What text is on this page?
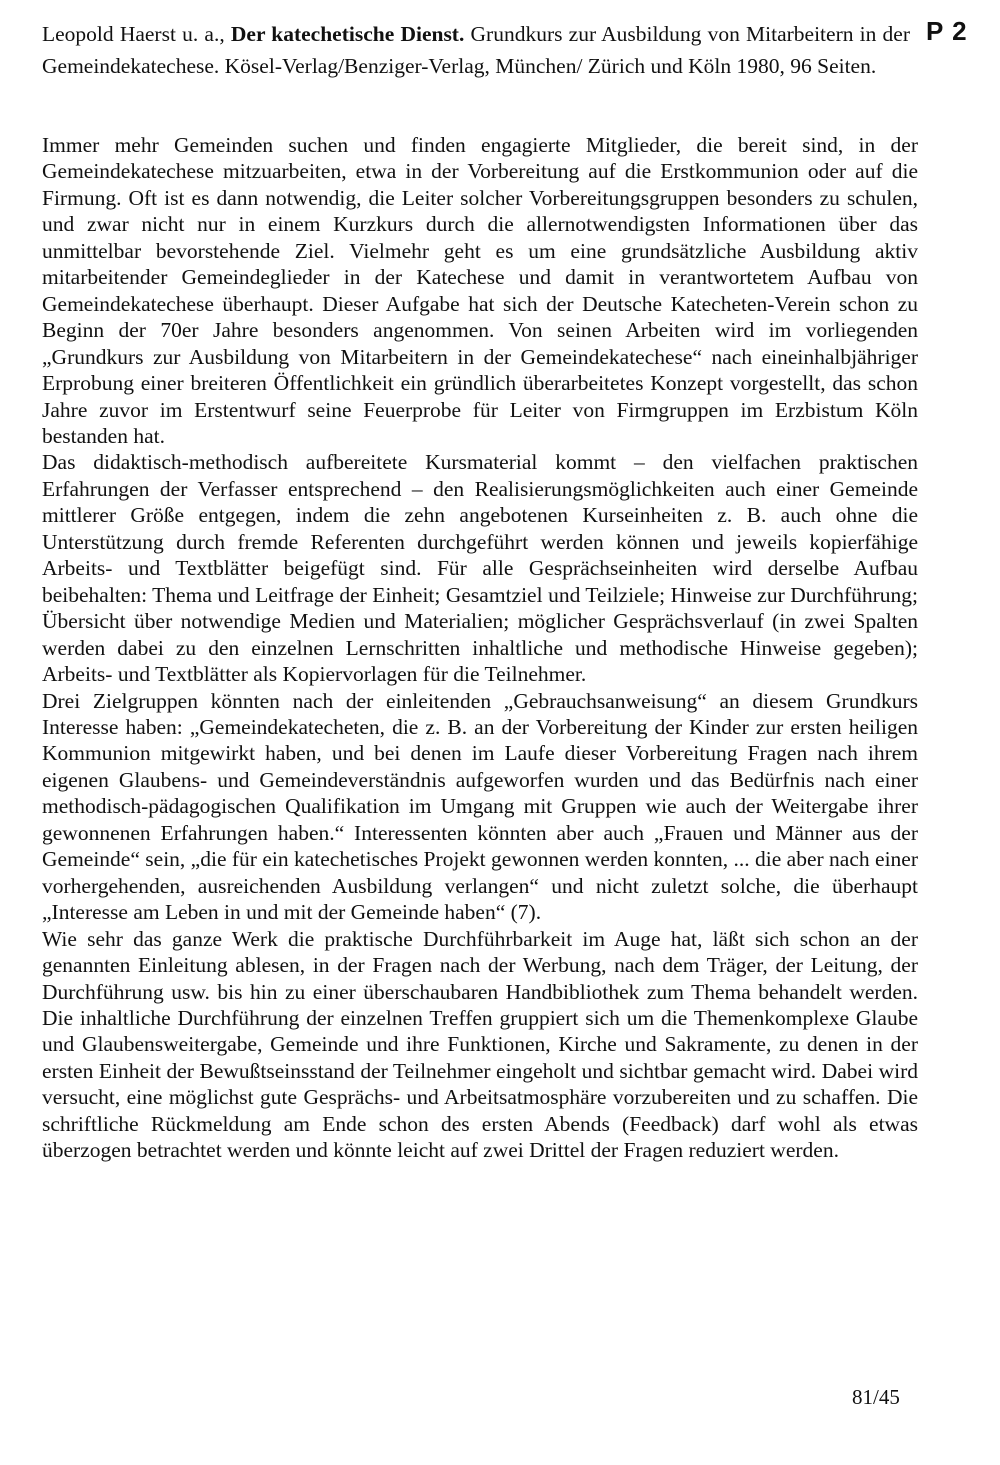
Leopold Haerst u. a., Der katechetische Dienst. Grundkurs zur Ausbildung von Mitarbeitern in der Gemeindekatechese. Kösel-Verlag/Benziger-Verlag, München/ Zürich und Köln 1980, 96 Seiten.
P 2

Immer mehr Gemeinden suchen und finden engagierte Mitglieder, die bereit sind, in der Gemeindekatechese mitzuarbeiten, etwa in der Vorbereitung auf die Erstkommunion oder auf die Firmung. Oft ist es dann notwendig, die Leiter solcher Vorbereitungsgruppen besonders zu schulen, und zwar nicht nur in einem Kurzkurs durch die allernotwendigsten Informationen über das unmittelbar bevorstehende Ziel. Vielmehr geht es um eine grundsätzliche Ausbildung aktiv mitarbeitender Gemeindeglieder in der Katechese und damit in verantwortetem Aufbau von Gemeindekatechese überhaupt. Dieser Aufgabe hat sich der Deutsche Katecheten-Verein schon zu Beginn der 70er Jahre besonders angenommen. Von seinen Arbeiten wird im vorliegenden „Grundkurs zur Ausbildung von Mitarbeitern in der Gemeindekatechese“ nach eineinhalbjähriger Erprobung einer breiteren Öffentlichkeit ein gründlich überarbeitetes Konzept vorgestellt, das schon Jahre zuvor im Erstentwurf seine Feuerprobe für Leiter von Firmgruppen im Erzbistum Köln bestanden hat.

Das didaktisch-methodisch aufbereitete Kursmaterial kommt – den vielfachen praktischen Erfahrungen der Verfasser entsprechend – den Realisierungsmöglichkeiten auch einer Gemeinde mittlerer Größe entgegen, indem die zehn angebotenen Kurseinheiten z. B. auch ohne die Unterstützung durch fremde Referenten durchgeführt werden können und jeweils kopierfähige Arbeits- und Textblätter beigefügt sind. Für alle Gesprächseinheiten wird derselbe Aufbau beibehalten: Thema und Leitfrage der Einheit; Gesamtziel und Teilziele; Hinweise zur Durchführung; Übersicht über notwendige Medien und Materialien; möglicher Gesprächsverlauf (in zwei Spalten werden dabei zu den einzelnen Lernschritten inhaltliche und methodische Hinweise gegeben); Arbeits- und Textblätter als Kopiervorlagen für die Teilnehmer.

Drei Zielgruppen könnten nach der einleitenden „Gebrauchsanweisung“ an diesem Grundkurs Interesse haben: „Gemeindekatecheten, die z. B. an der Vorbereitung der Kinder zur ersten heiligen Kommunion mitgewirkt haben, und bei denen im Laufe dieser Vorbereitung Fragen nach ihrem eigenen Glaubens- und Gemeindeverständnis aufgeworfen wurden und das Bedürfnis nach einer methodisch-pädagogischen Qualifikation im Umgang mit Gruppen wie auch der Weitergabe ihrer gewonnenen Erfahrungen haben.“ Interessenten könnten aber auch „Frauen und Männer aus der Gemeinde“ sein, „die für ein katechetisches Projekt gewonnen werden konnten, ... die aber nach einer vorhergehenden, ausreichenden Ausbildung verlangen“ und nicht zuletzt solche, die überhaupt „Interesse am Leben in und mit der Gemeinde haben“ (7).

Wie sehr das ganze Werk die praktische Durchführbarkeit im Auge hat, läßt sich schon an der genannten Einleitung ablesen, in der Fragen nach der Werbung, nach dem Träger, der Leitung, der Durchführung usw. bis hin zu einer überschaubaren Handbibliothek zum Thema behandelt werden. Die inhaltliche Durchführung der einzelnen Treffen gruppiert sich um die Themenkomplexe Glaube und Glaubensweitergabe, Gemeinde und ihre Funktionen, Kirche und Sakramente, zu denen in der ersten Einheit der Bewußtseinsstand der Teilnehmer eingeholt und sichtbar gemacht wird. Dabei wird versucht, eine möglichst gute Gesprächs- und Arbeitsatmosphäre vorzubereiten und zu schaffen. Die schriftliche Rückmeldung am Ende schon des ersten Abends (Feedback) darf wohl als etwas überzogen betrachtet werden und könnte leicht auf zwei Drittel der Fragen reduziert werden.

81/45
